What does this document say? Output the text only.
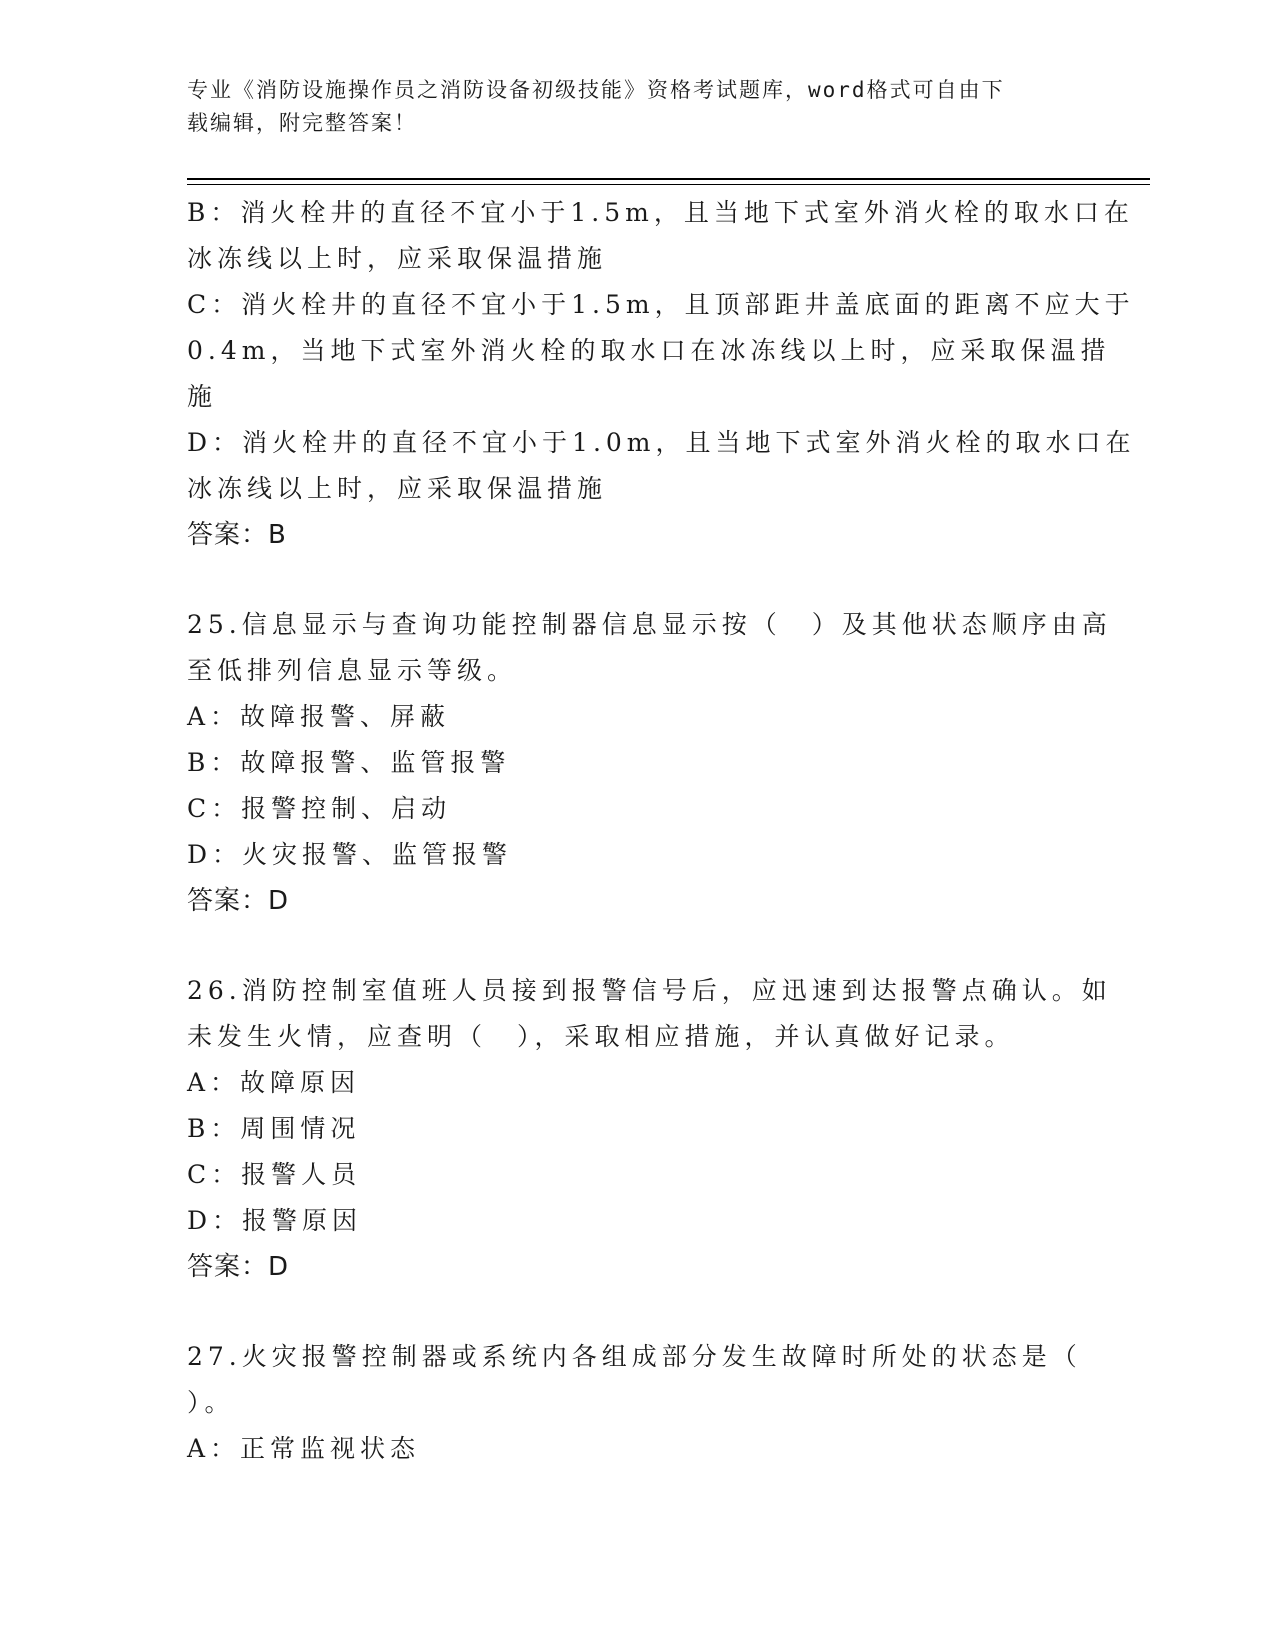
专业《消防设施操作员之消防设备初级技能》资格考试题库，word格式可自由下
载编辑，附完整答案！
B：消火栓井的直径不宜小于1.5m，且当地下式室外消火栓的取水口在
冰冻线以上时，应采取保温措施
C：消火栓井的直径不宜小于1.5m，且顶部距井盖底面的距离不应大于
0.4m，当地下式室外消火栓的取水口在冰冻线以上时，应采取保温措
施
D：消火栓井的直径不宜小于1.0m，且当地下式室外消火栓的取水口在
冰冻线以上时，应采取保温措施
答案：B
25.信息显示与查询功能控制器信息显示按（　）及其他状态顺序由高
至低排列信息显示等级。
A：故障报警、屏蔽
B：故障报警、监管报警
C：报警控制、启动
D：火灾报警、监管报警
答案：D
26.消防控制室值班人员接到报警信号后，应迅速到达报警点确认。如
未发生火情，应查明（　），采取相应措施，并认真做好记录。
A：故障原因
B：周围情况
C：报警人员
D：报警原因
答案：D
27.火灾报警控制器或系统内各组成部分发生故障时所处的状态是（
）。
A：正常监视状态
